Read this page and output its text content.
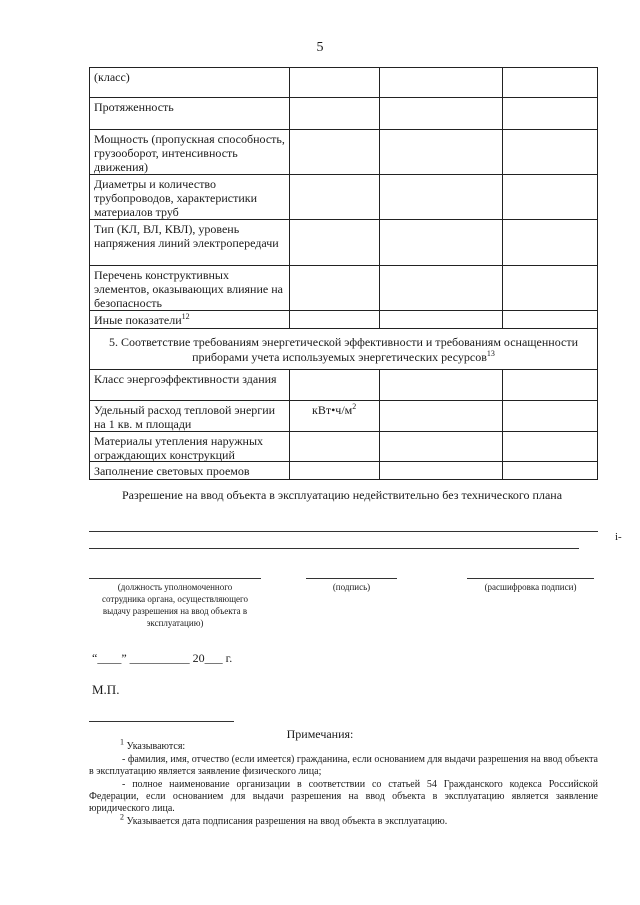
5
(класс)
Протяженность
Мощность (пропускная способность, грузооборот, интенсивность движения)
Диаметры и количество трубопроводов, характеристики материалов труб
Тип (КЛ, ВЛ, КВЛ), уровень напряжения линий электропередачи
Перечень конструктивных элементов, оказывающих влияние на безопасность
Иные показатели$^{12}$
5. Соответствие требованиям энергетической эффективности и требованиям оснащенности приборами учета используемых энергетических ресурсов$^{13}$
Класс энергоэффективности здания
Удельный расход тепловой энергии на 1 кв. м площади
$кВт•ч/м^2$
Материалы утепления наружных ограждающих конструкций
Заполнение световых проемов
Разрешение на ввод объекта в эксплуатацию недействительно без технического плана
і-
(должность уполномоченного сотрудника органа, осуществляющего выдачу разрешения на ввод объекта в эксплуатацию)
(подпись)	(расшифровка подписи)
“____” __________ 20___ г.
М.П.
Примечания:
$^1$ Указываются:
- фамилия, имя, отчество (если имеется) гражданина, если основанием для выдачи разрешения на ввод объекта в эксплуатацию является заявление физического лица;
- полное наименование организации в соответствии со статьей 54 Гражданского кодекса Российской Федерации, если основанием для выдачи разрешения на ввод объекта в эксплуатацию является заявление юридического лица.
$^2$ Указывается дата подписания разрешения на ввод объекта в эксплуатацию.
